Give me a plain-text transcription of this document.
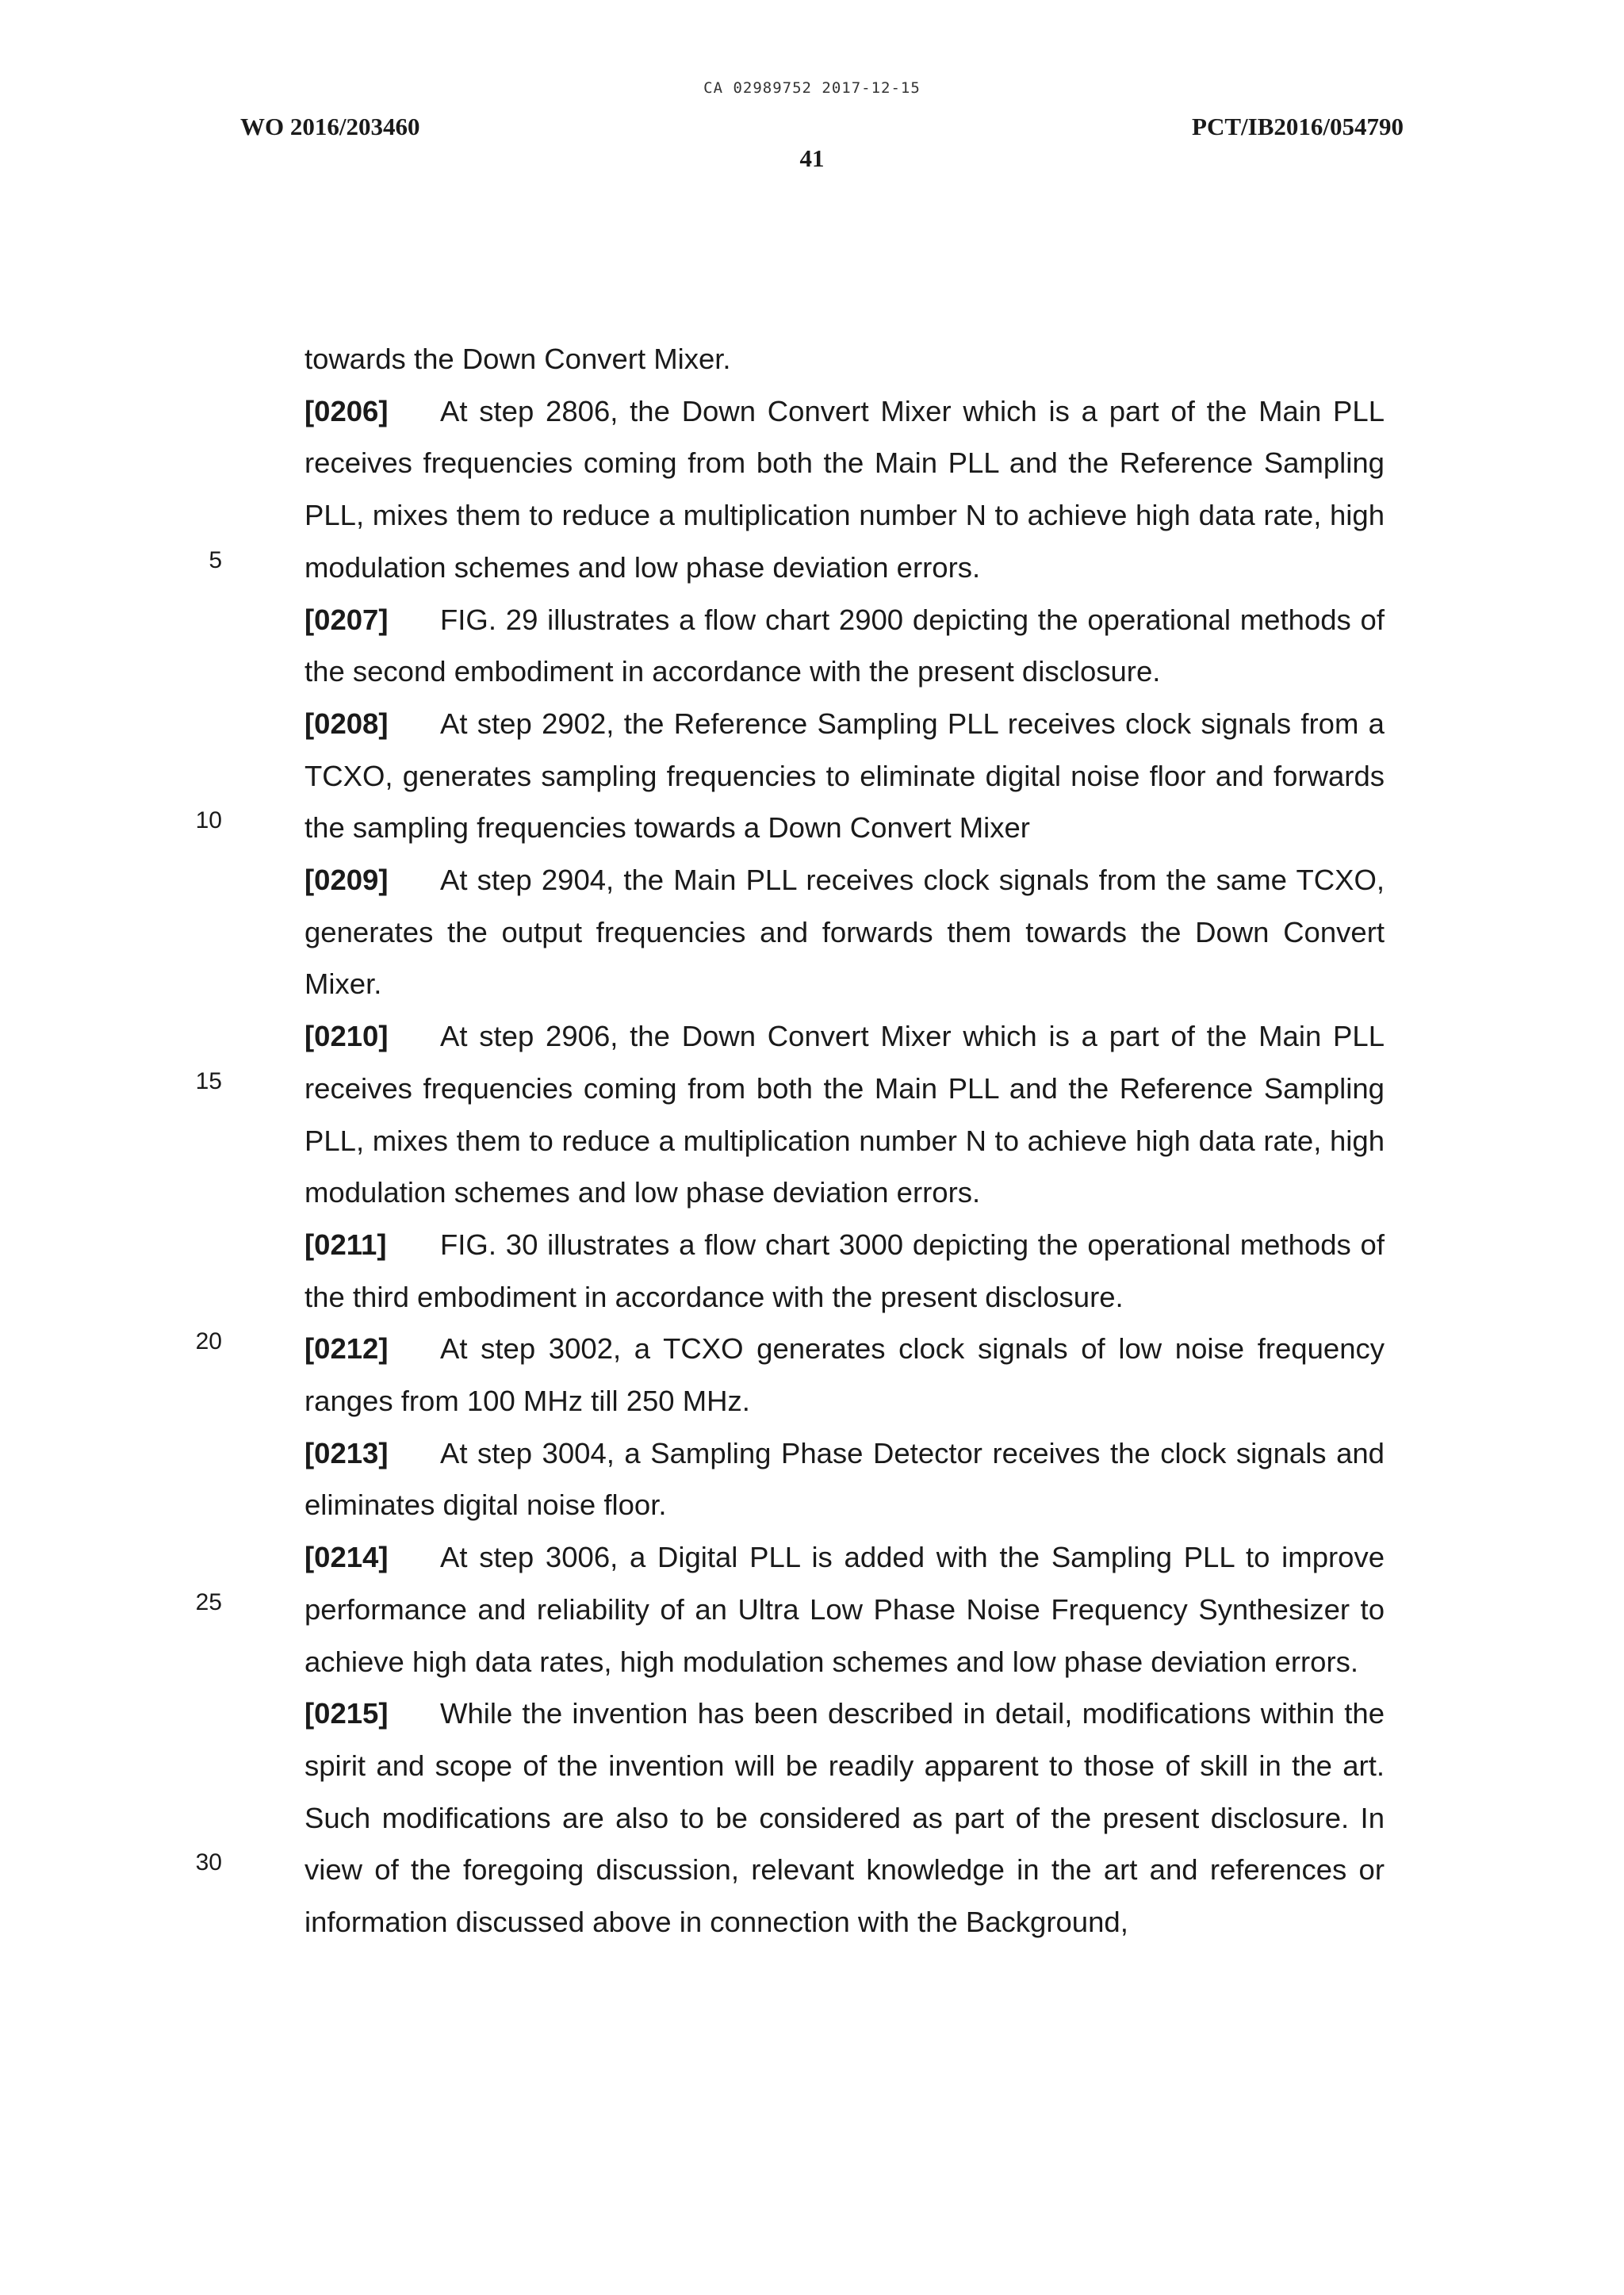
CA 02989752 2017-12-15
WO 2016/203460	PCT/IB2016/054790
41

towards the Down Convert Mixer.

[0206] At step 2806, the Down Convert Mixer which is a part of the Main PLL receives frequencies coming from both the Main PLL and the Reference Sampling PLL, mixes them to reduce a multiplication number N to achieve high data rate, high modulation schemes and low phase deviation errors.

[0207] FIG. 29 illustrates a flow chart 2900 depicting the operational methods of the second embodiment in accordance with the present disclosure.

[0208] At step 2902, the Reference Sampling PLL receives clock signals from a TCXO, generates sampling frequencies to eliminate digital noise floor and forwards the sampling frequencies towards a Down Convert Mixer

[0209] At step 2904, the Main PLL receives clock signals from the same TCXO, generates the output frequencies and forwards them towards the Down Convert Mixer.

[0210] At step 2906, the Down Convert Mixer which is a part of the Main PLL receives frequencies coming from both the Main PLL and the Reference Sampling PLL, mixes them to reduce a multiplication number N to achieve high data rate, high modulation schemes and low phase deviation errors.

[0211] FIG. 30 illustrates a flow chart 3000 depicting the operational methods of the third embodiment in accordance with the present disclosure.

[0212] At step 3002, a TCXO generates clock signals of low noise frequency ranges from 100 MHz till 250 MHz.

[0213] At step 3004, a Sampling Phase Detector receives the clock signals and eliminates digital noise floor.

[0214] At step 3006, a Digital PLL is added with the Sampling PLL to improve performance and reliability of an Ultra Low Phase Noise Frequency Synthesizer to achieve high data rates, high modulation schemes and low phase deviation errors.

[0215] While the invention has been described in detail, modifications within the spirit and scope of the invention will be readily apparent to those of skill in the art. Such modifications are also to be considered as part of the present disclosure. In view of the foregoing discussion, relevant knowledge in the art and references or information discussed above in connection with the Background,

5
10
15
20
25
30
